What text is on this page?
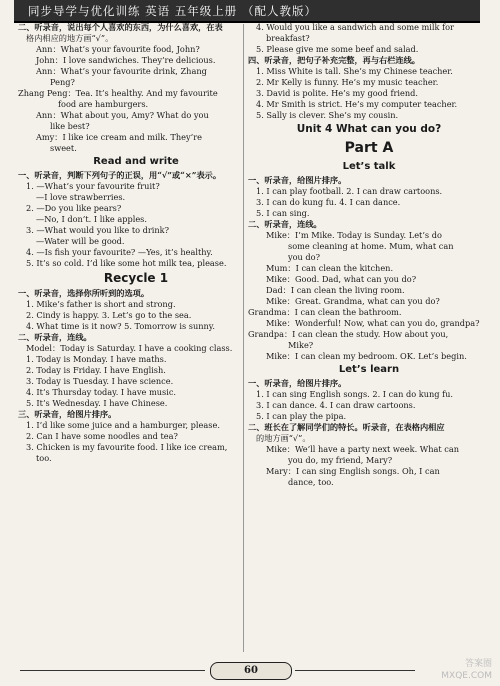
同步导学与优化训练 英语 五年级上册 （配人教版）
二、听录音，说出每个人喜欢的东西，为什么喜欢，在表
格内相应的地方画“√”。
Ann：What’s your favourite food, John?
John：I love sandwiches. They’re delicious.
Ann：What’s your favourite drink, Zhang
Peng?
Zhang Peng：Tea. It’s healthy. And my favourite
food are hamburgers.
Ann：What about you, Amy? What do you
like best?
Amy：I like ice cream and milk. They’re
sweet.
Read and write
一、听录音，判断下列句子的正误，用“√”或“×”表示。
1. —What’s your favourite fruit?
—I love strawberries.
2. —Do you like pears?
—No, I don’t. I like apples.
3. —What would you like to drink?
—Water will be good.
4. —Is fish your favourite? —Yes, it’s healthy.
5. It’s so cold. I’d like some hot milk tea, please.
Recycle 1
一、听录音，选择你所听到的选项。
1. Mike’s father is short and strong.
2. Cindy is happy. 3. Let’s go to the sea.
4. What time is it now? 5. Tomorrow is sunny.
二、听录音，连线。
Model：Today is Saturday. I have a cooking class.
1. Today is Monday. I have maths.
2. Today is Friday. I have English.
3. Today is Tuesday. I have science.
4. It’s Thursday today. I have music.
5. It’s Wednesday. I have Chinese.
三、听录音，给图片排序。
1. I’d like some juice and a hamburger, please.
2. Can I have some noodles and tea?
3. Chicken is my favourite food. I like ice cream,
too.
4. Would you like a sandwich and some milk for
breakfast?
5. Please give me some beef and salad.
四、听录音，把句子补充完整，再与右栏连线。
1. Miss White is tall. She’s my Chinese teacher.
2. Mr Kelly is funny. He’s my music teacher.
3. David is polite. He’s my good friend.
4. Mr Smith is strict. He’s my computer teacher.
5. Sally is clever. She’s my cousin.
Unit 4 What can you do?
Part A
Let’s talk
一、听录音，给图片排序。
1. I can play football. 2. I can draw cartoons.
3. I can do kung fu. 4. I can dance.
5. I can sing.
二、听录音，连线。
Mike：I’m Mike. Today is Sunday. Let’s do
some cleaning at home. Mum, what can
you do?
Mum：I can clean the kitchen.
Mike：Good. Dad, what can you do?
Dad：I can clean the living room.
Mike：Great. Grandma, what can you do?
Grandma：I can clean the bathroom.
Mike：Wonderful! Now, what can you do, grandpa?
Grandpa：I can clean the study. How about you,
Mike?
Mike：I can clean my bedroom. OK. Let’s begin.
Let’s learn
一、听录音，给图片排序。
1. I can sing English songs. 2. I can do kung fu.
3. I can dance. 4. I can draw cartoons.
5. I can play the pipa.
二、班长在了解同学们的特长。听录音，在表格内相应
的地方画“√”。
Mike：We’ll have a party next week. What can
you do, my friend, Mary?
Mary：I can sing English songs. Oh, I can
dance, too.
60
答案圈
MXQE.COM
